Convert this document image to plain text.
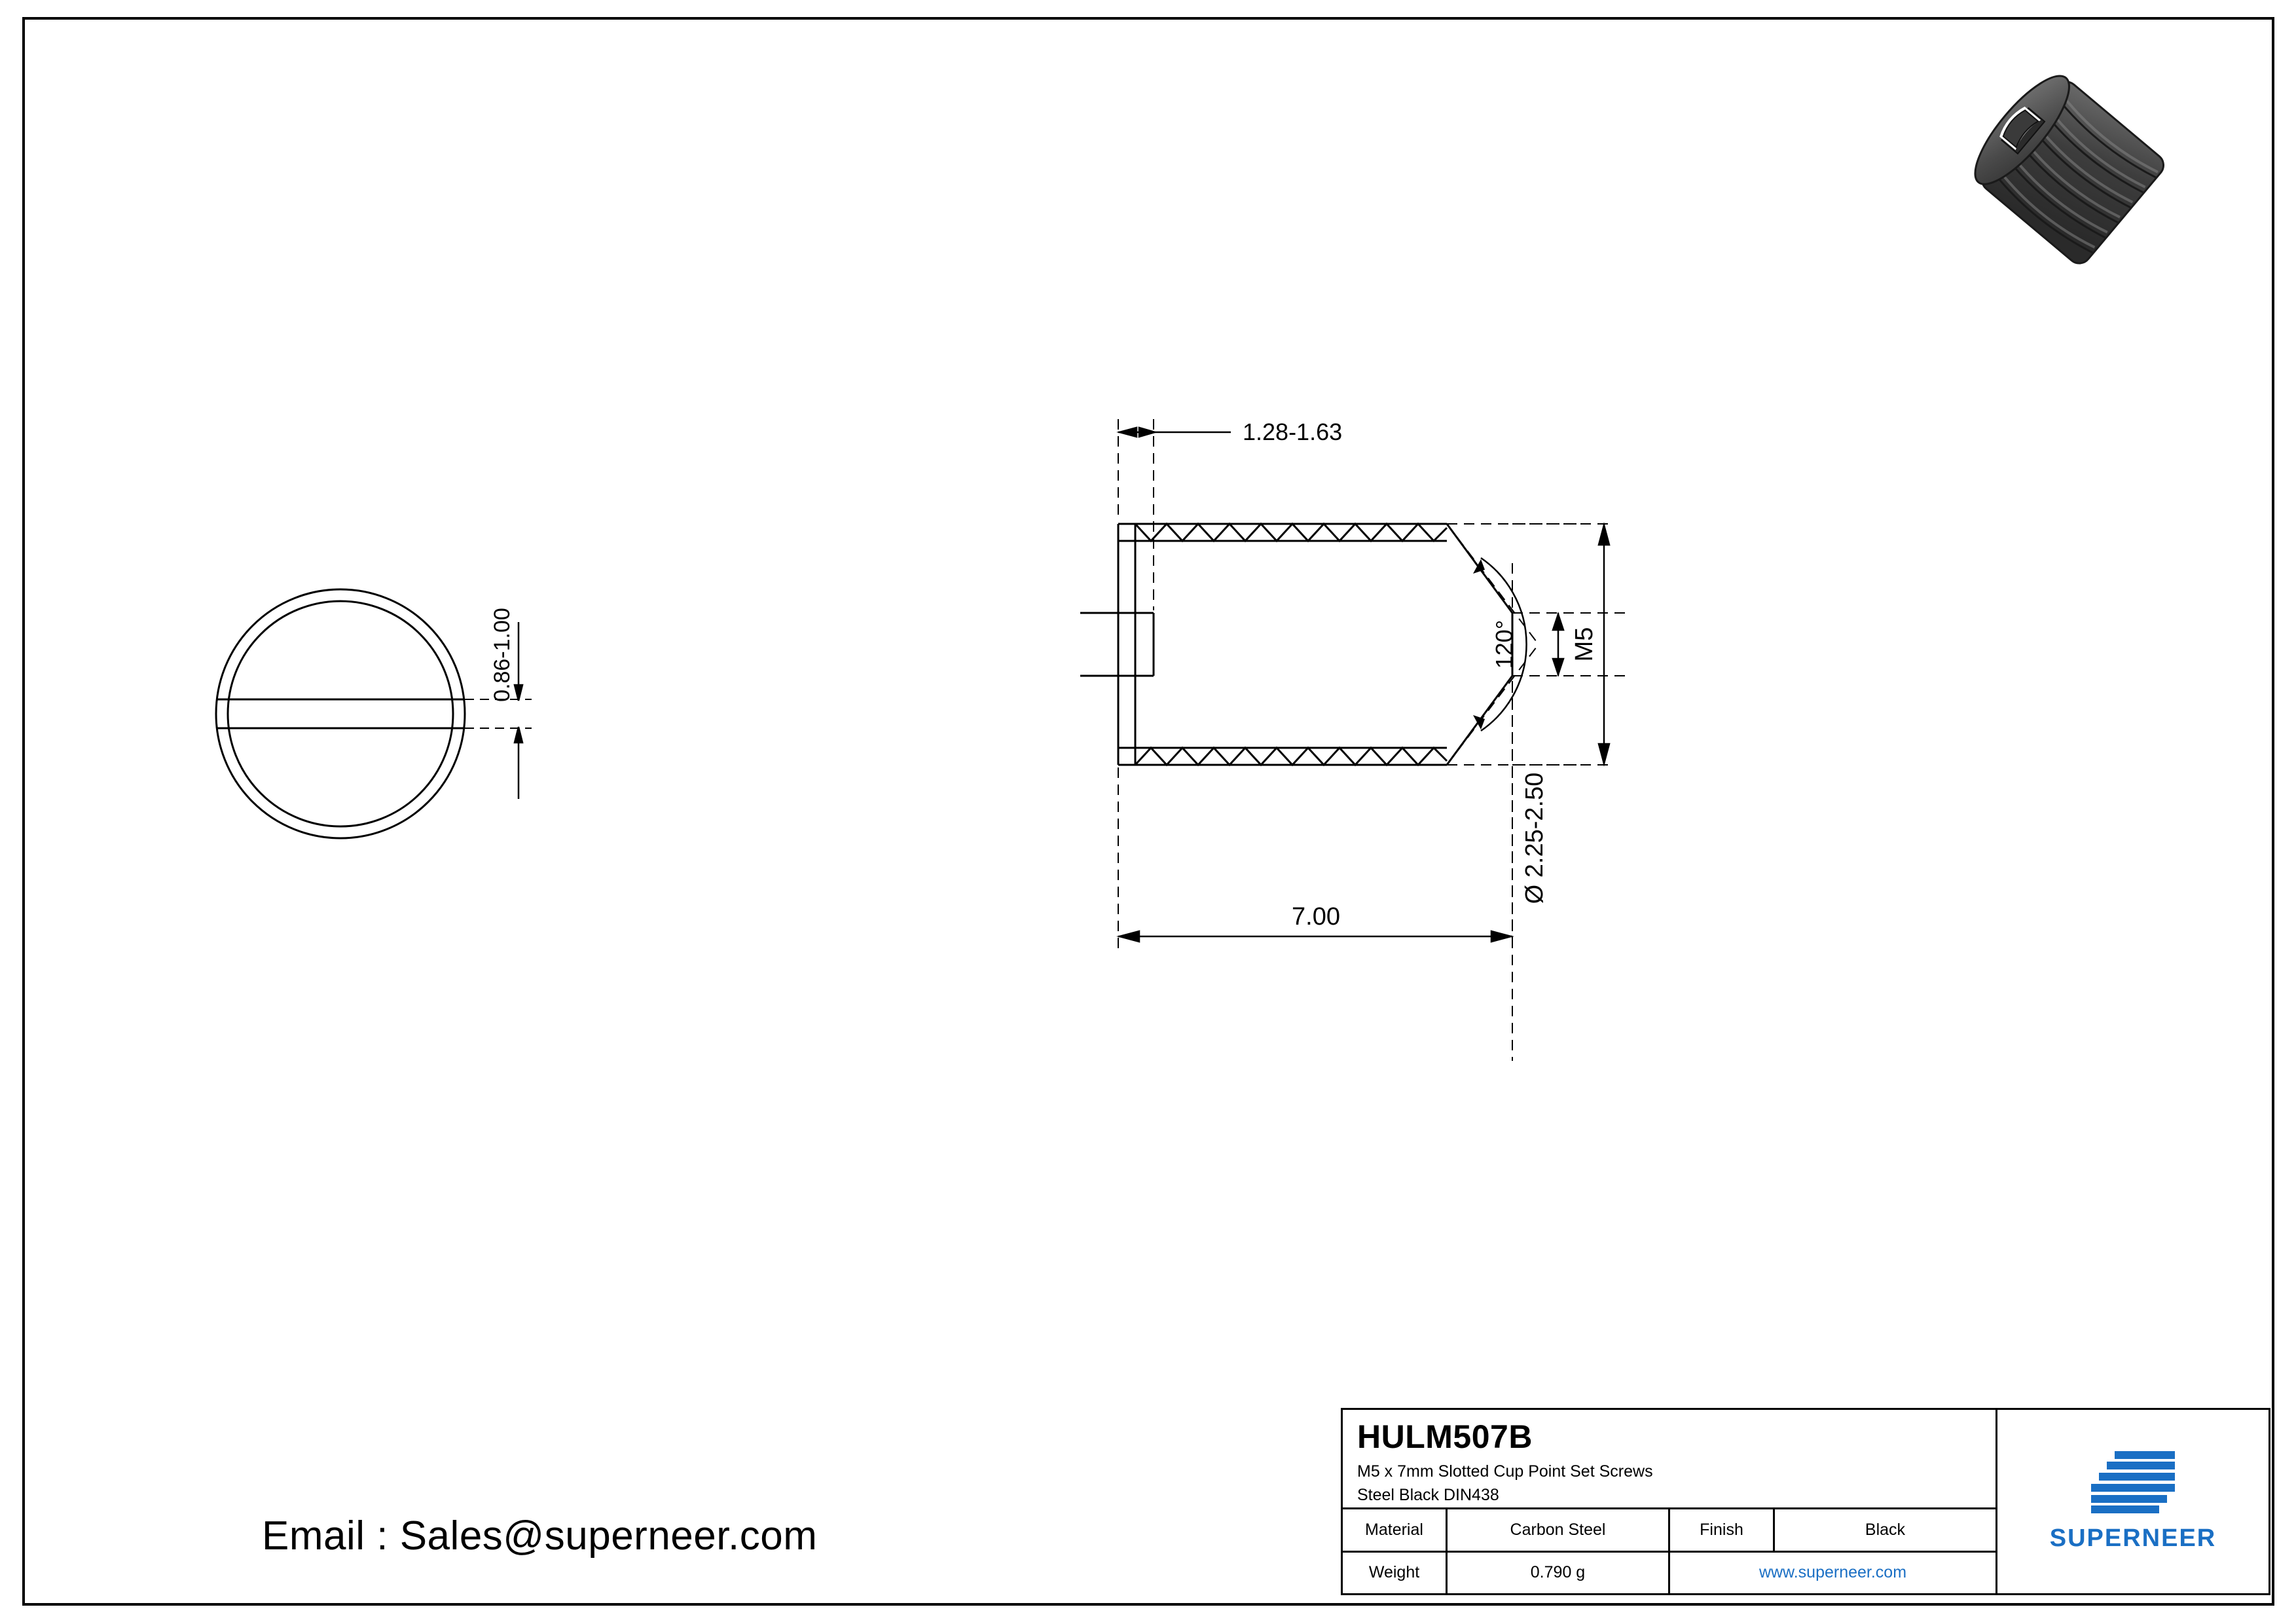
0.86-1.00
1.28-1.63
7.00
M5
Ø 2.25-2.50
120°
Email : Sales@superneer.com
HULM507B
M5 x 7mm Slotted Cup Point Set Screws
Steel Black DIN438
Material	Carbon Steel	Finish	Black
Weight	0.790 g	www.superneer.com
SUPERNEER
